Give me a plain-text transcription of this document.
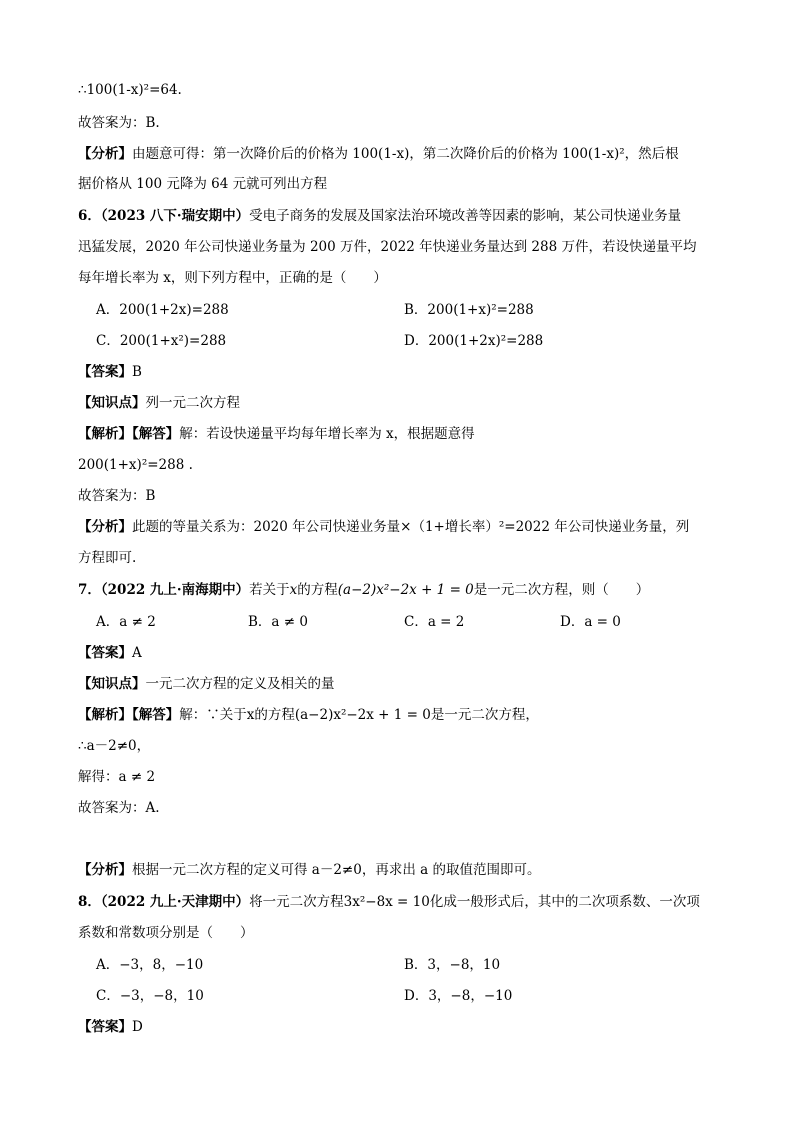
∴100(1-x)²=64.
故答案为：B.
【分析】由题意可得：第一次降价后的价格为 100(1-x)，第二次降价后的价格为 100(1-x)²，然后根
据价格从 100 元降为 64 元就可列出方程
6．（2023 八下·瑞安期中）受电子商务的发展及国家法治环境改善等因素的影响，某公司快递业务量
迅猛发展，2020 年公司快递业务量为 200 万件，2022 年快递业务量达到 288 万件，若设快递量平均
每年增长率为 x，则下列方程中，正确的是（　　）
A．200(1+2x)=288	B．200(1+x)²=288
C．200(1+x²)=288	D．200(1+2x)²=288
【答案】B
【知识点】列一元二次方程
【解析】【解答】解：若设快递量平均每年增长率为 x，根据题意得
200(1+x)²=288 .
故答案为：B
【分析】此题的等量关系为：2020 年公司快递业务量×（1+增长率）²=2022 年公司快递业务量，列
方程即可.
7．（2022 九上·南海期中）若关于x的方程(a−2)x²−2x + 1 = 0是一元二次方程，则（　　）
A．a ≠ 2	B．a ≠ 0	C．a = 2	D．a = 0
【答案】A
【知识点】一元二次方程的定义及相关的量
【解析】【解答】解：∵关于x的方程(a−2)x²−2x + 1 = 0是一元二次方程，
∴a－2≠0，
解得：a ≠ 2
故答案为：A.
【分析】根据一元二次方程的定义可得 a－2≠0，再求出 a 的取值范围即可。
8．（2022 九上·天津期中）将一元二次方程3x²−8x = 10化成一般形式后，其中的二次项系数、一次项
系数和常数项分别是（　　）
A．−3，8，−10	B．3，−8，10
C．−3，−8，10	D．3，−8，−10
【答案】D
